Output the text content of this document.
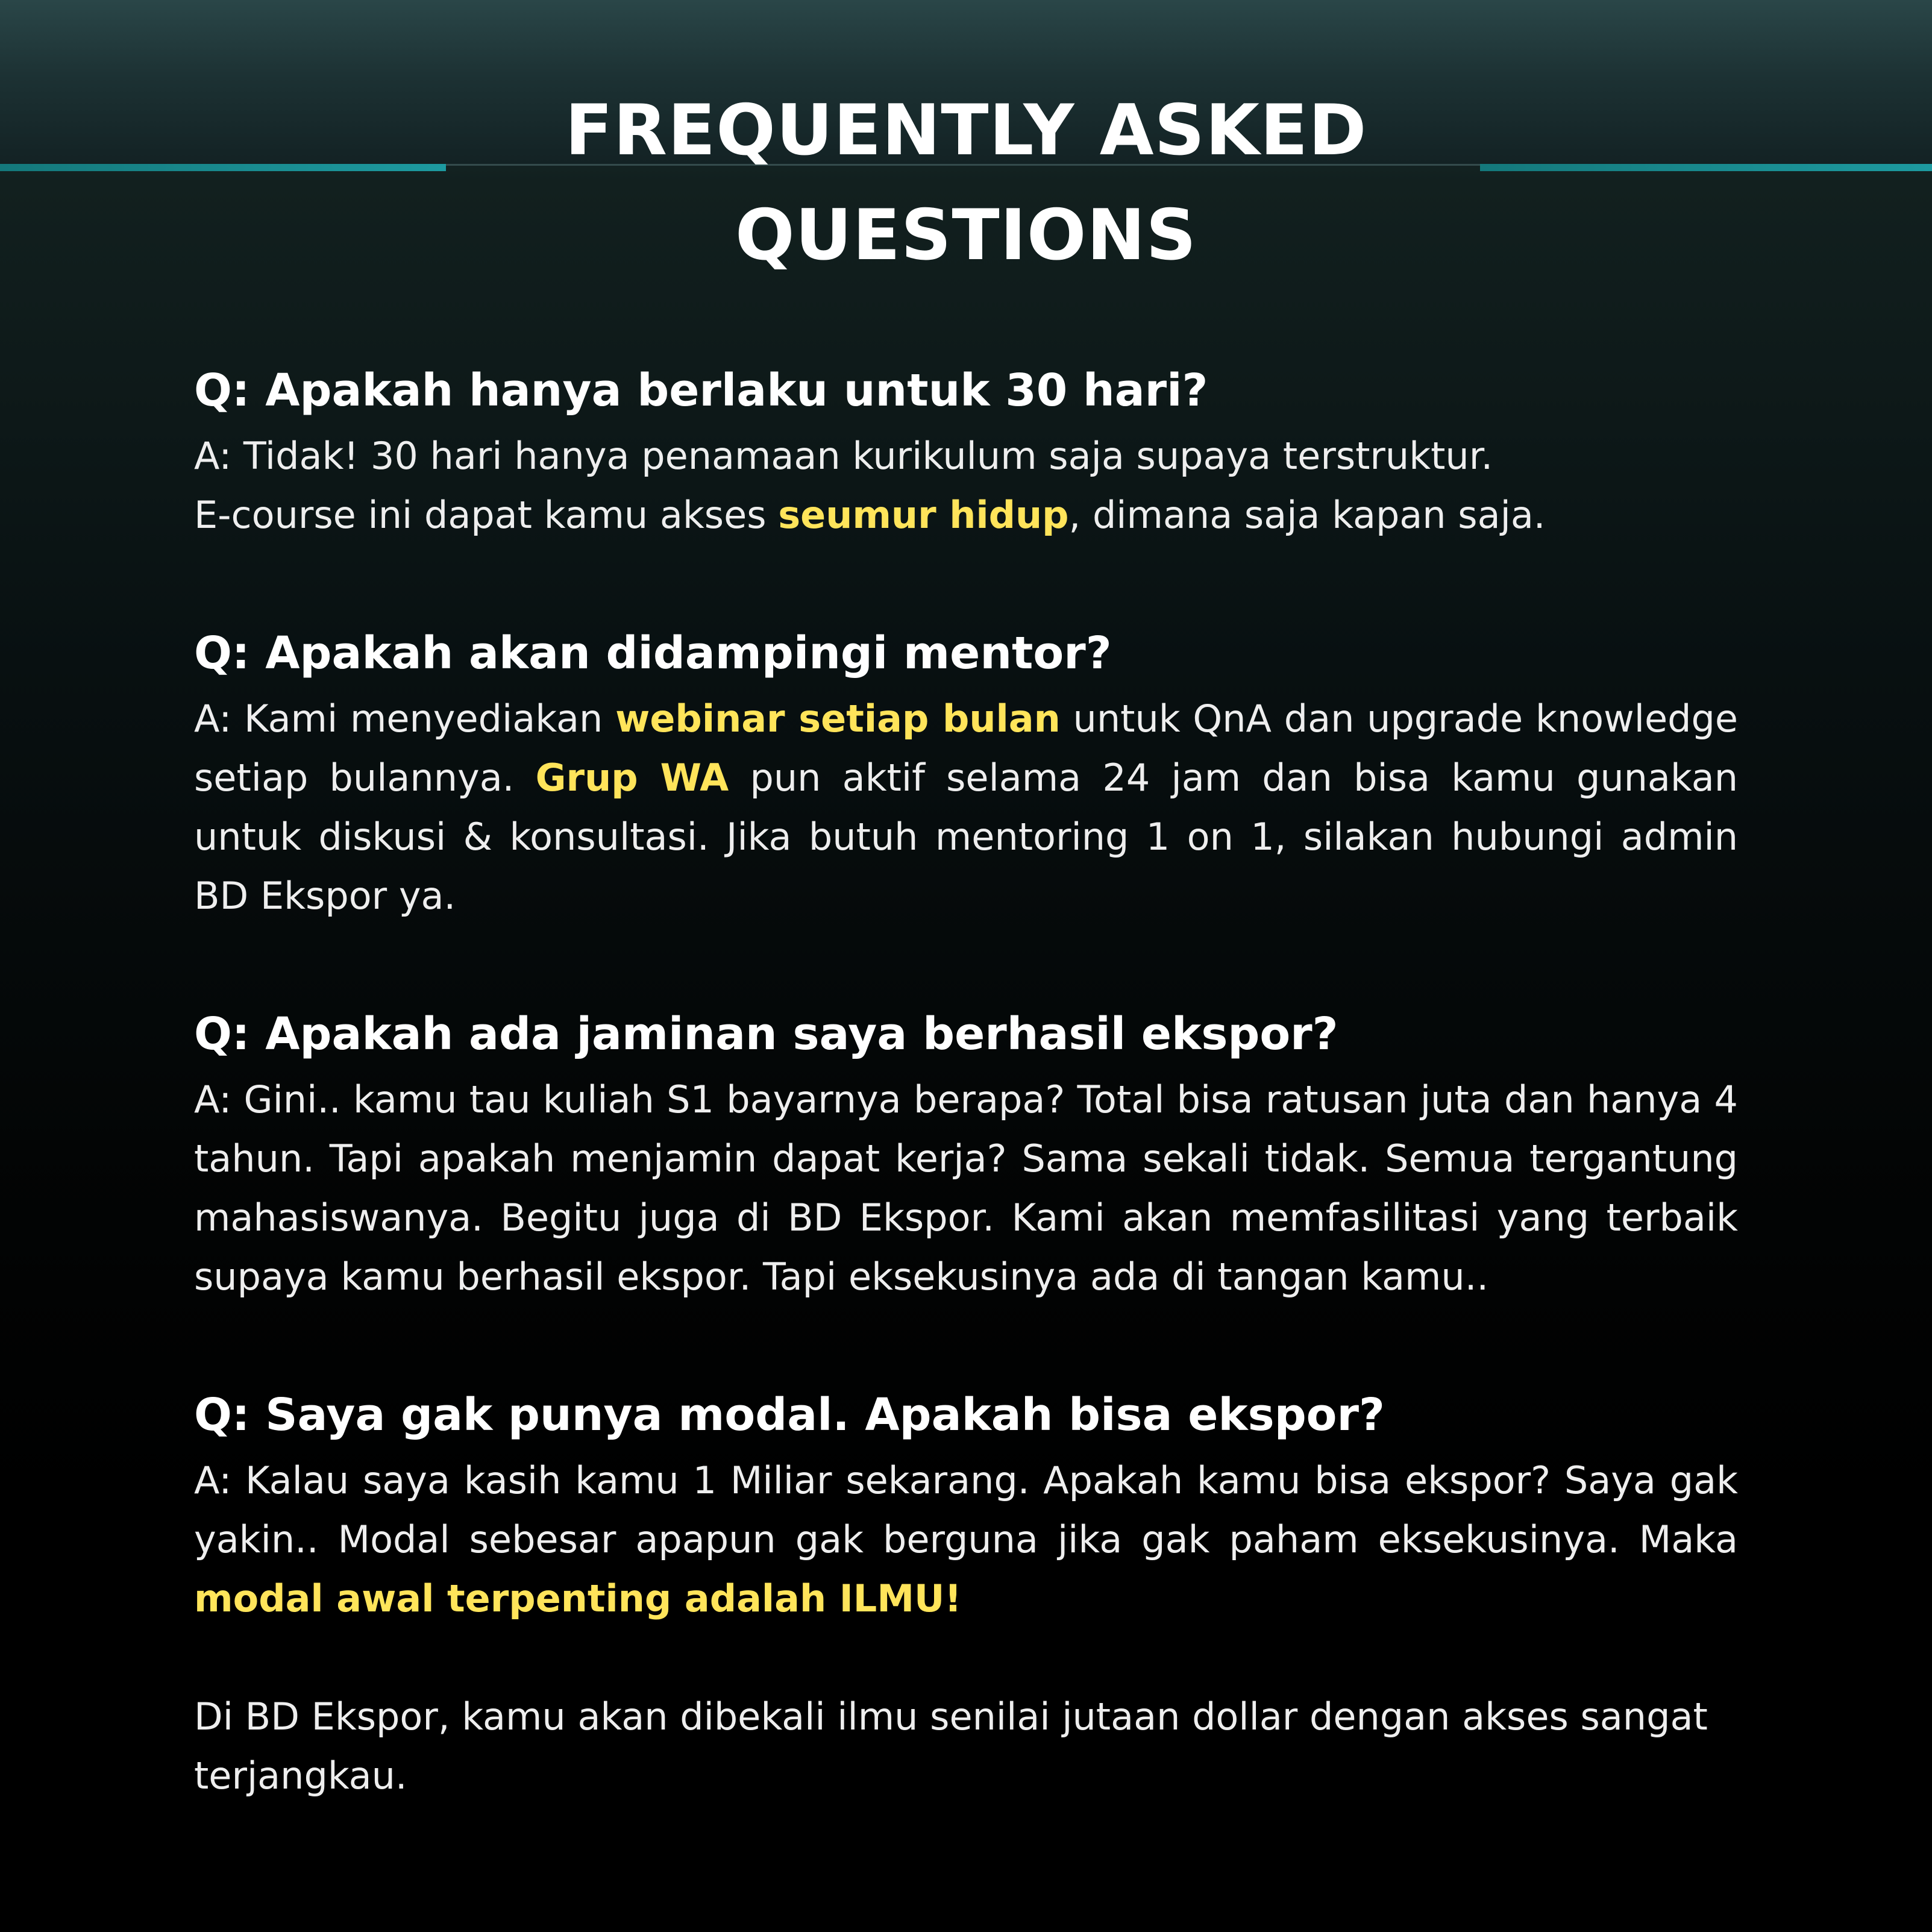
FREQUENTLY ASKED
QUESTIONS

Q: Apakah hanya berlaku untuk 30 hari?

A: Tidak! 30 hari hanya penamaan kurikulum saja supaya terstruktur.
E-course ini dapat kamu akses seumur hidup, dimana saja kapan saja.

Q: Apakah akan didampingi mentor?

A: Kami menyediakan webinar setiap bulan untuk QnA dan upgrade knowledge setiap bulannya. Grup WA pun aktif selama 24 jam dan bisa kamu gunakan untuk diskusi & konsultasi. Jika butuh mentoring 1 on 1, silakan hubungi admin BD Ekspor ya.

Q: Apakah ada jaminan saya berhasil ekspor?

A: Gini.. kamu tau kuliah S1 bayarnya berapa? Total bisa ratusan juta dan hanya 4 tahun. Tapi apakah menjamin dapat kerja? Sama sekali tidak. Semua tergantung mahasiswanya. Begitu juga di BD Ekspor. Kami akan memfasilitasi yang terbaik supaya kamu berhasil ekspor. Tapi eksekusinya ada di tangan kamu..

Q: Saya gak punya modal. Apakah bisa ekspor?

A: Kalau saya kasih kamu 1 Miliar sekarang. Apakah kamu bisa ekspor? Saya gak yakin.. Modal sebesar apapun gak berguna jika gak paham eksekusinya. Maka modal awal terpenting adalah ILMU!

Di BD Ekspor, kamu akan dibekali ilmu senilai jutaan dollar dengan akses sangat terjangkau.
